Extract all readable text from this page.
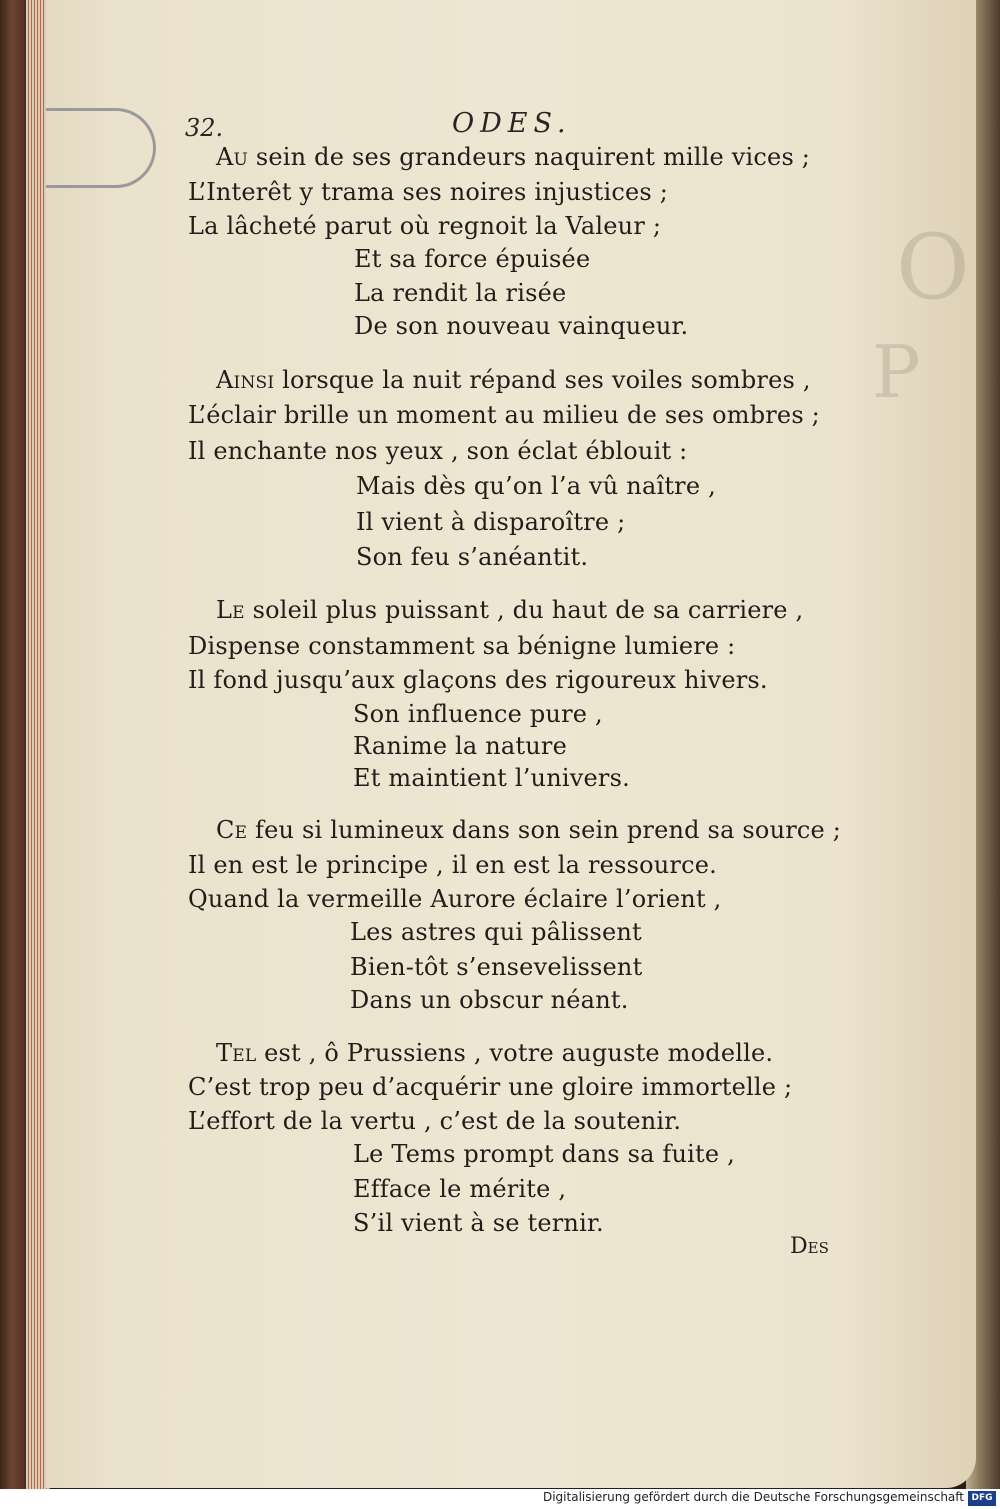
O
P
32.	ODES.
Au sein de ses grandeurs naquirent mille vices ;
L’Interêt y trama ses noires injustices ;
La lâcheté parut où regnoit la Valeur ;
Et sa force épuisée
La rendit la risée
De son nouveau vainqueur.
Ainsi lorsque la nuit répand ses voiles sombres ,
L’éclair brille un moment au milieu de ses ombres ;
Il enchante nos yeux , son éclat éblouit :
Mais dès qu’on l’a vû naître ,
Il vient à disparoître ;
Son feu s’anéantit.
Le soleil plus puissant , du haut de sa carriere ,
Dispense constamment sa bénigne lumiere :
Il fond jusqu’aux glaçons des rigoureux hivers.
Son influence pure ,
Ranime la nature
Et maintient l’univers.
Ce feu si lumineux dans son sein prend sa source ;
Il en est le principe , il en est la ressource.
Quand la vermeille Aurore éclaire l’orient ,
Les astres qui pâlissent
Bien-tôt s’ensevelissent
Dans un obscur néant.
Tel est , ô Prussiens , votre auguste modelle.
C’est trop peu d’acquérir une gloire immortelle ;
L’effort de la vertu , c’est de la soutenir.
Le Tems prompt dans sa fuite ,
Efface le mérite ,
S’il vient à se ternir.
Des
Digitalisierung gefördert durch die Deutsche Forschungsgemeinschaft DFG
